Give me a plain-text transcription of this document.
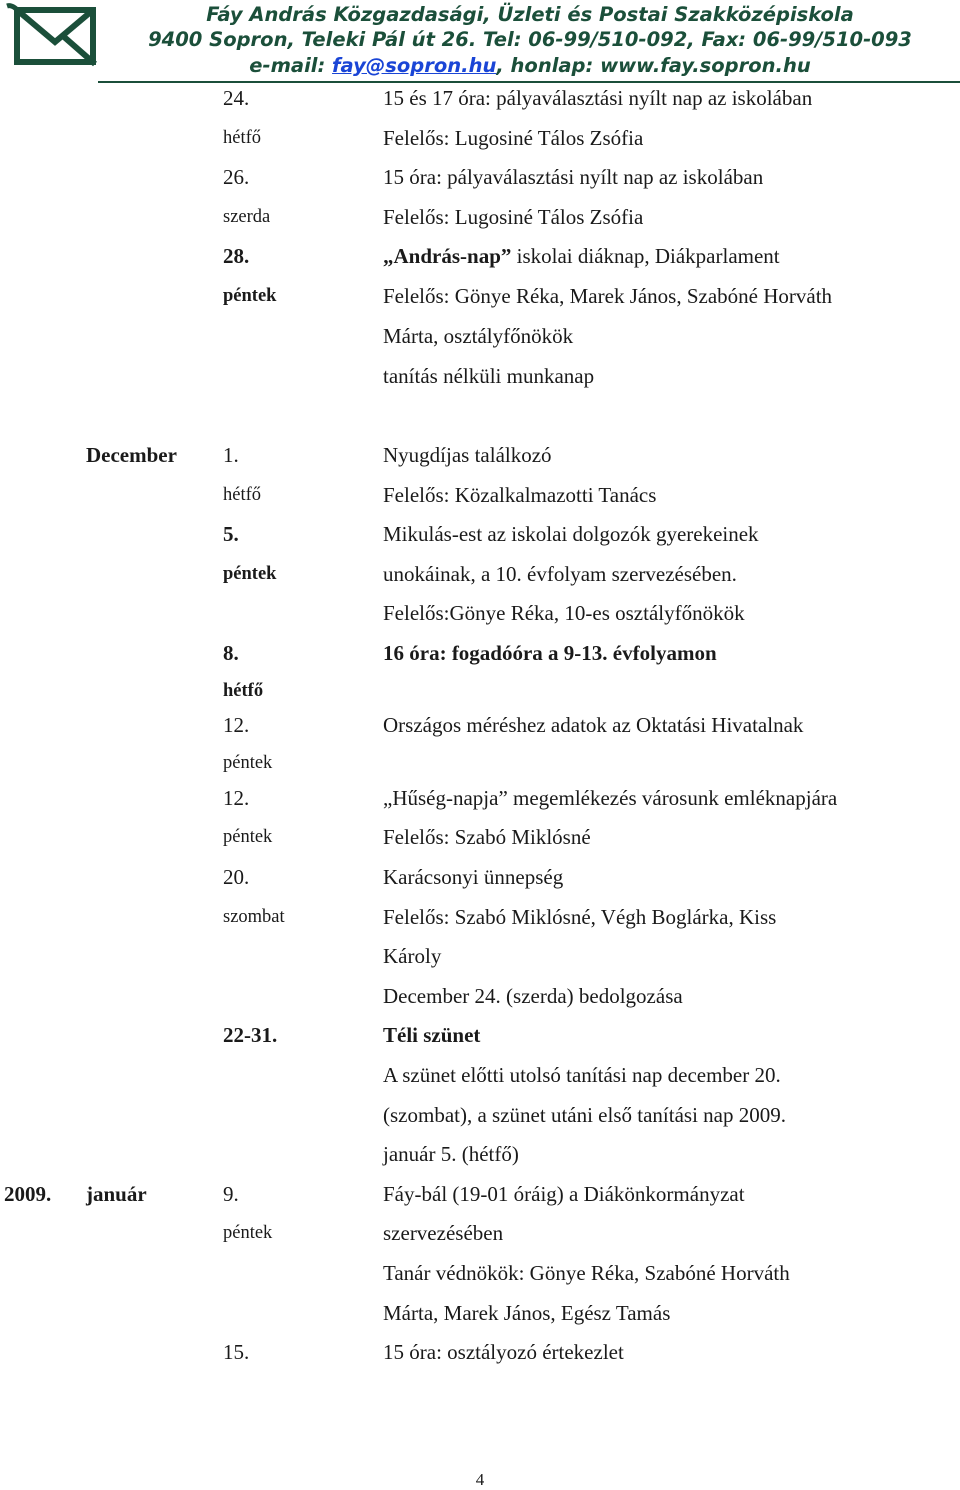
Fáy András Közgazdasági, Üzleti és Postai Szakközépiskola
9400 Sopron, Teleki Pál út 26. Tel: 06-99/510-092, Fax: 06-99/510-093
e-mail: fay@sopron.hu, honlap: www.fay.sopron.hu
24.	15 és 17 óra: pályaválasztási nyílt nap az iskolában
hétfő	Felelős: Lugosiné Tálos Zsófia
26.	15 óra: pályaválasztási nyílt nap az iskolában
szerda	Felelős: Lugosiné Tálos Zsófia
28.	„András-nap” iskolai diáknap, Diákparlament
péntek	Felelős: Gönye Réka, Marek János, Szabóné Horváth
Márta, osztályfőnökök
tanítás nélküli munkanap
December 1.	Nyugdíjas találkozó
hétfő	Felelős: Közalkalmazotti Tanács
5.	Mikulás-est az iskolai dolgozók gyerekeinek
péntek	unokáinak, a 10. évfolyam szervezésében.
Felelős:Gönye Réka, 10-es osztályfőnökök
8.	16 óra: fogadóóra a 9-13. évfolyamon
hétfő
12.	Országos méréshez adatok az Oktatási Hivatalnak
péntek
12.	„Hűség-napja” megemlékezés városunk emléknapjára
péntek	Felelős: Szabó Miklósné
20.	Karácsonyi ünnepség
szombat	Felelős: Szabó Miklósné, Végh Boglárka, Kiss
Károly
December 24. (szerda) bedolgozása
22-31.	Téli szünet
A szünet előtti utolsó tanítási nap december 20.
(szombat), a szünet utáni első tanítási nap 2009.
január 5. (hétfő)
2009. január	9.	Fáy-bál (19-01 óráig) a Diákönkormányzat
péntek	szervezésében
Tanár védnökök: Gönye Réka, Szabóné Horváth
Márta, Marek János, Egész Tamás
15.	15 óra: osztályozó értekezlet
4
